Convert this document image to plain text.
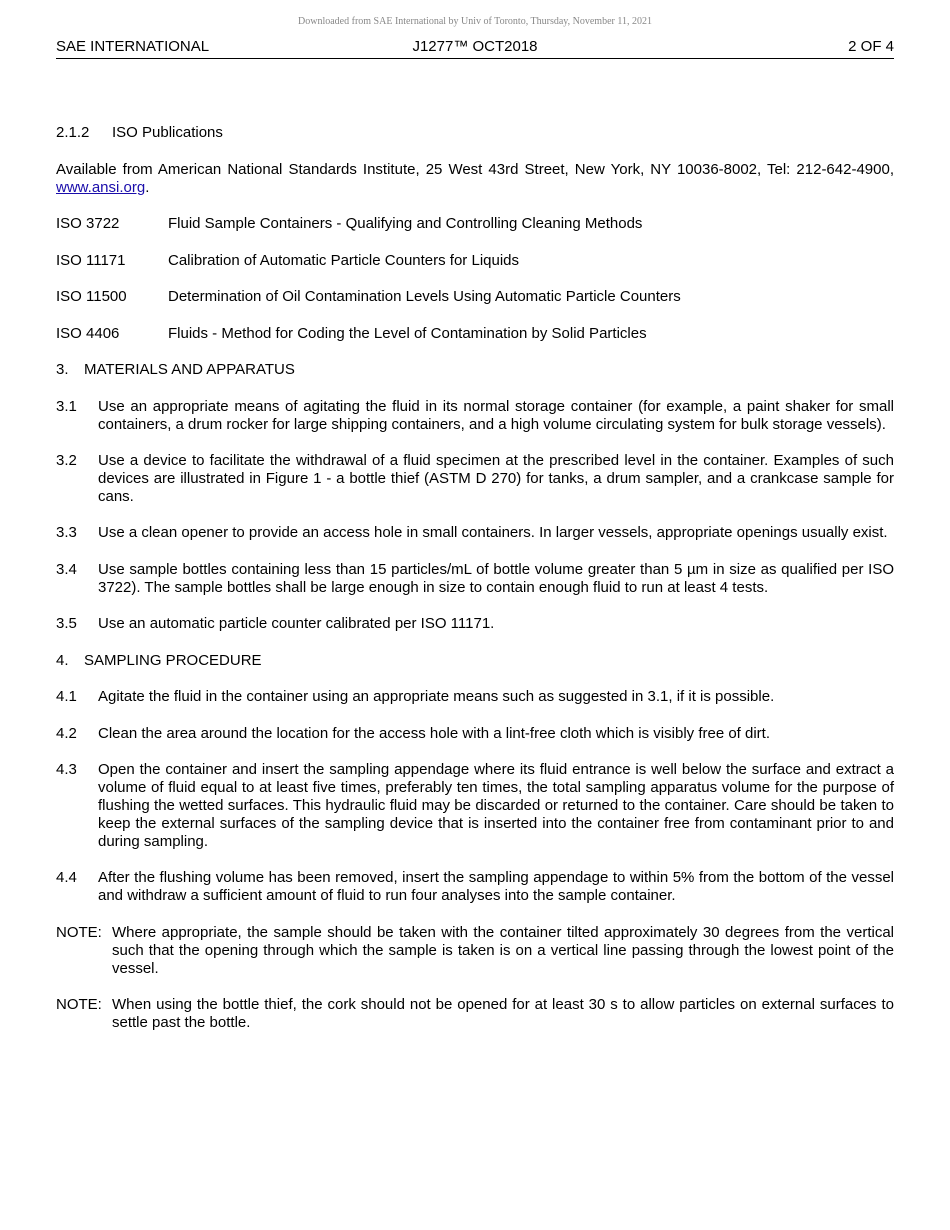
Downloaded from SAE International by Univ of Toronto, Thursday, November 11, 2021
SAE INTERNATIONAL	J1277™ OCT2018	2 OF 4
2.1.2 ISO Publications
Available from American National Standards Institute, 25 West 43rd Street, New York, NY 10036-8002, Tel: 212-642-4900, www.ansi.org.
ISO 3722	Fluid Sample Containers - Qualifying and Controlling Cleaning Methods
ISO 11171	Calibration of Automatic Particle Counters for Liquids
ISO 11500	Determination of Oil Contamination Levels Using Automatic Particle Counters
ISO 4406	Fluids - Method for Coding the Level of Contamination by Solid Particles
3. MATERIALS AND APPARATUS
3.1	Use an appropriate means of agitating the fluid in its normal storage container (for example, a paint shaker for small containers, a drum rocker for large shipping containers, and a high volume circulating system for bulk storage vessels).
3.2	Use a device to facilitate the withdrawal of a fluid specimen at the prescribed level in the container. Examples of such devices are illustrated in Figure 1 - a bottle thief (ASTM D 270) for tanks, a drum sampler, and a crankcase sample for cans.
3.3	Use a clean opener to provide an access hole in small containers. In larger vessels, appropriate openings usually exist.
3.4	Use sample bottles containing less than 15 particles/mL of bottle volume greater than 5 µm in size as qualified per ISO 3722). The sample bottles shall be large enough in size to contain enough fluid to run at least 4 tests.
3.5	Use an automatic particle counter calibrated per ISO 11171.
4. SAMPLING PROCEDURE
4.1	Agitate the fluid in the container using an appropriate means such as suggested in 3.1, if it is possible.
4.2	Clean the area around the location for the access hole with a lint-free cloth which is visibly free of dirt.
4.3	Open the container and insert the sampling appendage where its fluid entrance is well below the surface and extract a volume of fluid equal to at least five times, preferably ten times, the total sampling apparatus volume for the purpose of flushing the wetted surfaces. This hydraulic fluid may be discarded or returned to the container. Care should be taken to keep the external surfaces of the sampling device that is inserted into the container free from contaminant prior to and during sampling.
4.4	After the flushing volume has been removed, insert the sampling appendage to within 5% from the bottom of the vessel and withdraw a sufficient amount of fluid to run four analyses into the sample container.
NOTE: Where appropriate, the sample should be taken with the container tilted approximately 30 degrees from the vertical such that the opening through which the sample is taken is on a vertical line passing through the lowest point of the vessel.
NOTE: When using the bottle thief, the cork should not be opened for at least 30 s to allow particles on external surfaces to settle past the bottle.
